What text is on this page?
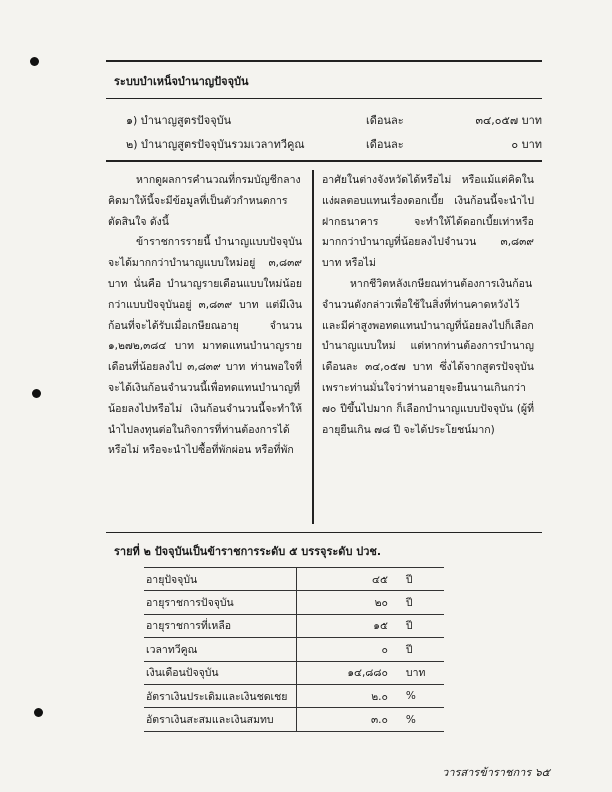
ระบบบำเหน็จบำนาญปัจจุบัน
๑) บำนาญสูตรปัจจุบัน	เดือนละ	๓๔,๐๕๗ บาท
๒) บำนาญสูตรปัจจุบันรวมเวลาทวีคูณ	เดือนละ	๐ บาท

หากดูผลการคำนวณที่กรมบัญชีกลางคิดมาให้นี้จะมีข้อมูลที่เป็นตัวกำหนดการตัดสินใจ ดังนี้

ข้าราชการรายนี้ บำนาญแบบปัจจุบันจะได้มากกว่าบำนาญแบบใหม่อยู่ ๓,๘๓๙ บาท นั่นคือ บำนาญรายเดือนแบบใหม่น้อยกว่าแบบปัจจุบันอยู่ ๓,๘๓๙ บาท แต่มีเงินก้อนที่จะได้รับเมื่อเกษียณอายุ จำนวน ๑,๒๗๒,๓๘๔ บาท มาทดแทนบำนาญรายเดือนที่น้อยลงไป ๓,๘๓๙ บาท ท่านพอใจที่จะได้เงินก้อนจำนวนนี้เพื่อทดแทนบำนาญที่น้อยลงไปหรือไม่ เงินก้อนจำนวนนี้จะทำให้นำไปลงทุนต่อในกิจการที่ท่านต้องการได้หรือไม่ หรือจะนำไปซื้อที่พักผ่อน หรือที่พัก

อาศัยในต่างจังหวัดได้หรือไม่ หรือแม้แต่คิดในแง่ผลตอบแทนเรื่องดอกเบี้ย เงินก้อนนี้จะนำไปฝากธนาคาร จะทำให้ได้ดอกเบี้ยเท่าหรือมากกว่าบำนาญที่น้อยลงไปจำนวน ๓,๘๓๙ บาท หรือไม่

หากชีวิตหลังเกษียณท่านต้องการเงินก้อนจำนวนดังกล่าวเพื่อใช้ในสิ่งที่ท่านคาดหวังไว้และมีค่าสูงพอทดแทนบำนาญที่น้อยลงไปก็เลือกบำนาญแบบใหม่ แต่หากท่านต้องการบำนาญเดือนละ ๓๔,๐๕๗ บาท ซึ่งได้จากสูตรปัจจุบันเพราะท่านมั่นใจว่าท่านอายุจะยืนนานเกินกว่า ๗๐ ปีขึ้นไปมาก ก็เลือกบำนาญแบบปัจจุบัน (ผู้ที่อายุยืนเกิน ๗๘ ปี จะได้ประโยชน์มาก)

รายที่ ๒ ปัจจุบันเป็นข้าราชการระดับ ๕ บรรจุระดับ ปวช.
อายุปัจจุบัน	๔๕	ปี
อายุราชการปัจจุบัน	๒๐	ปี
อายุราชการที่เหลือ	๑๕	ปี
เวลาทวีคูณ	๐	ปี
เงินเดือนปัจจุบัน	๑๔,๘๘๐	บาท
อัตราเงินประเดิมและเงินชดเชย	๒.๐	%
อัตราเงินสะสมและเงินสมทบ	๓.๐	%
วารสารข้าราชการ ๖๕
